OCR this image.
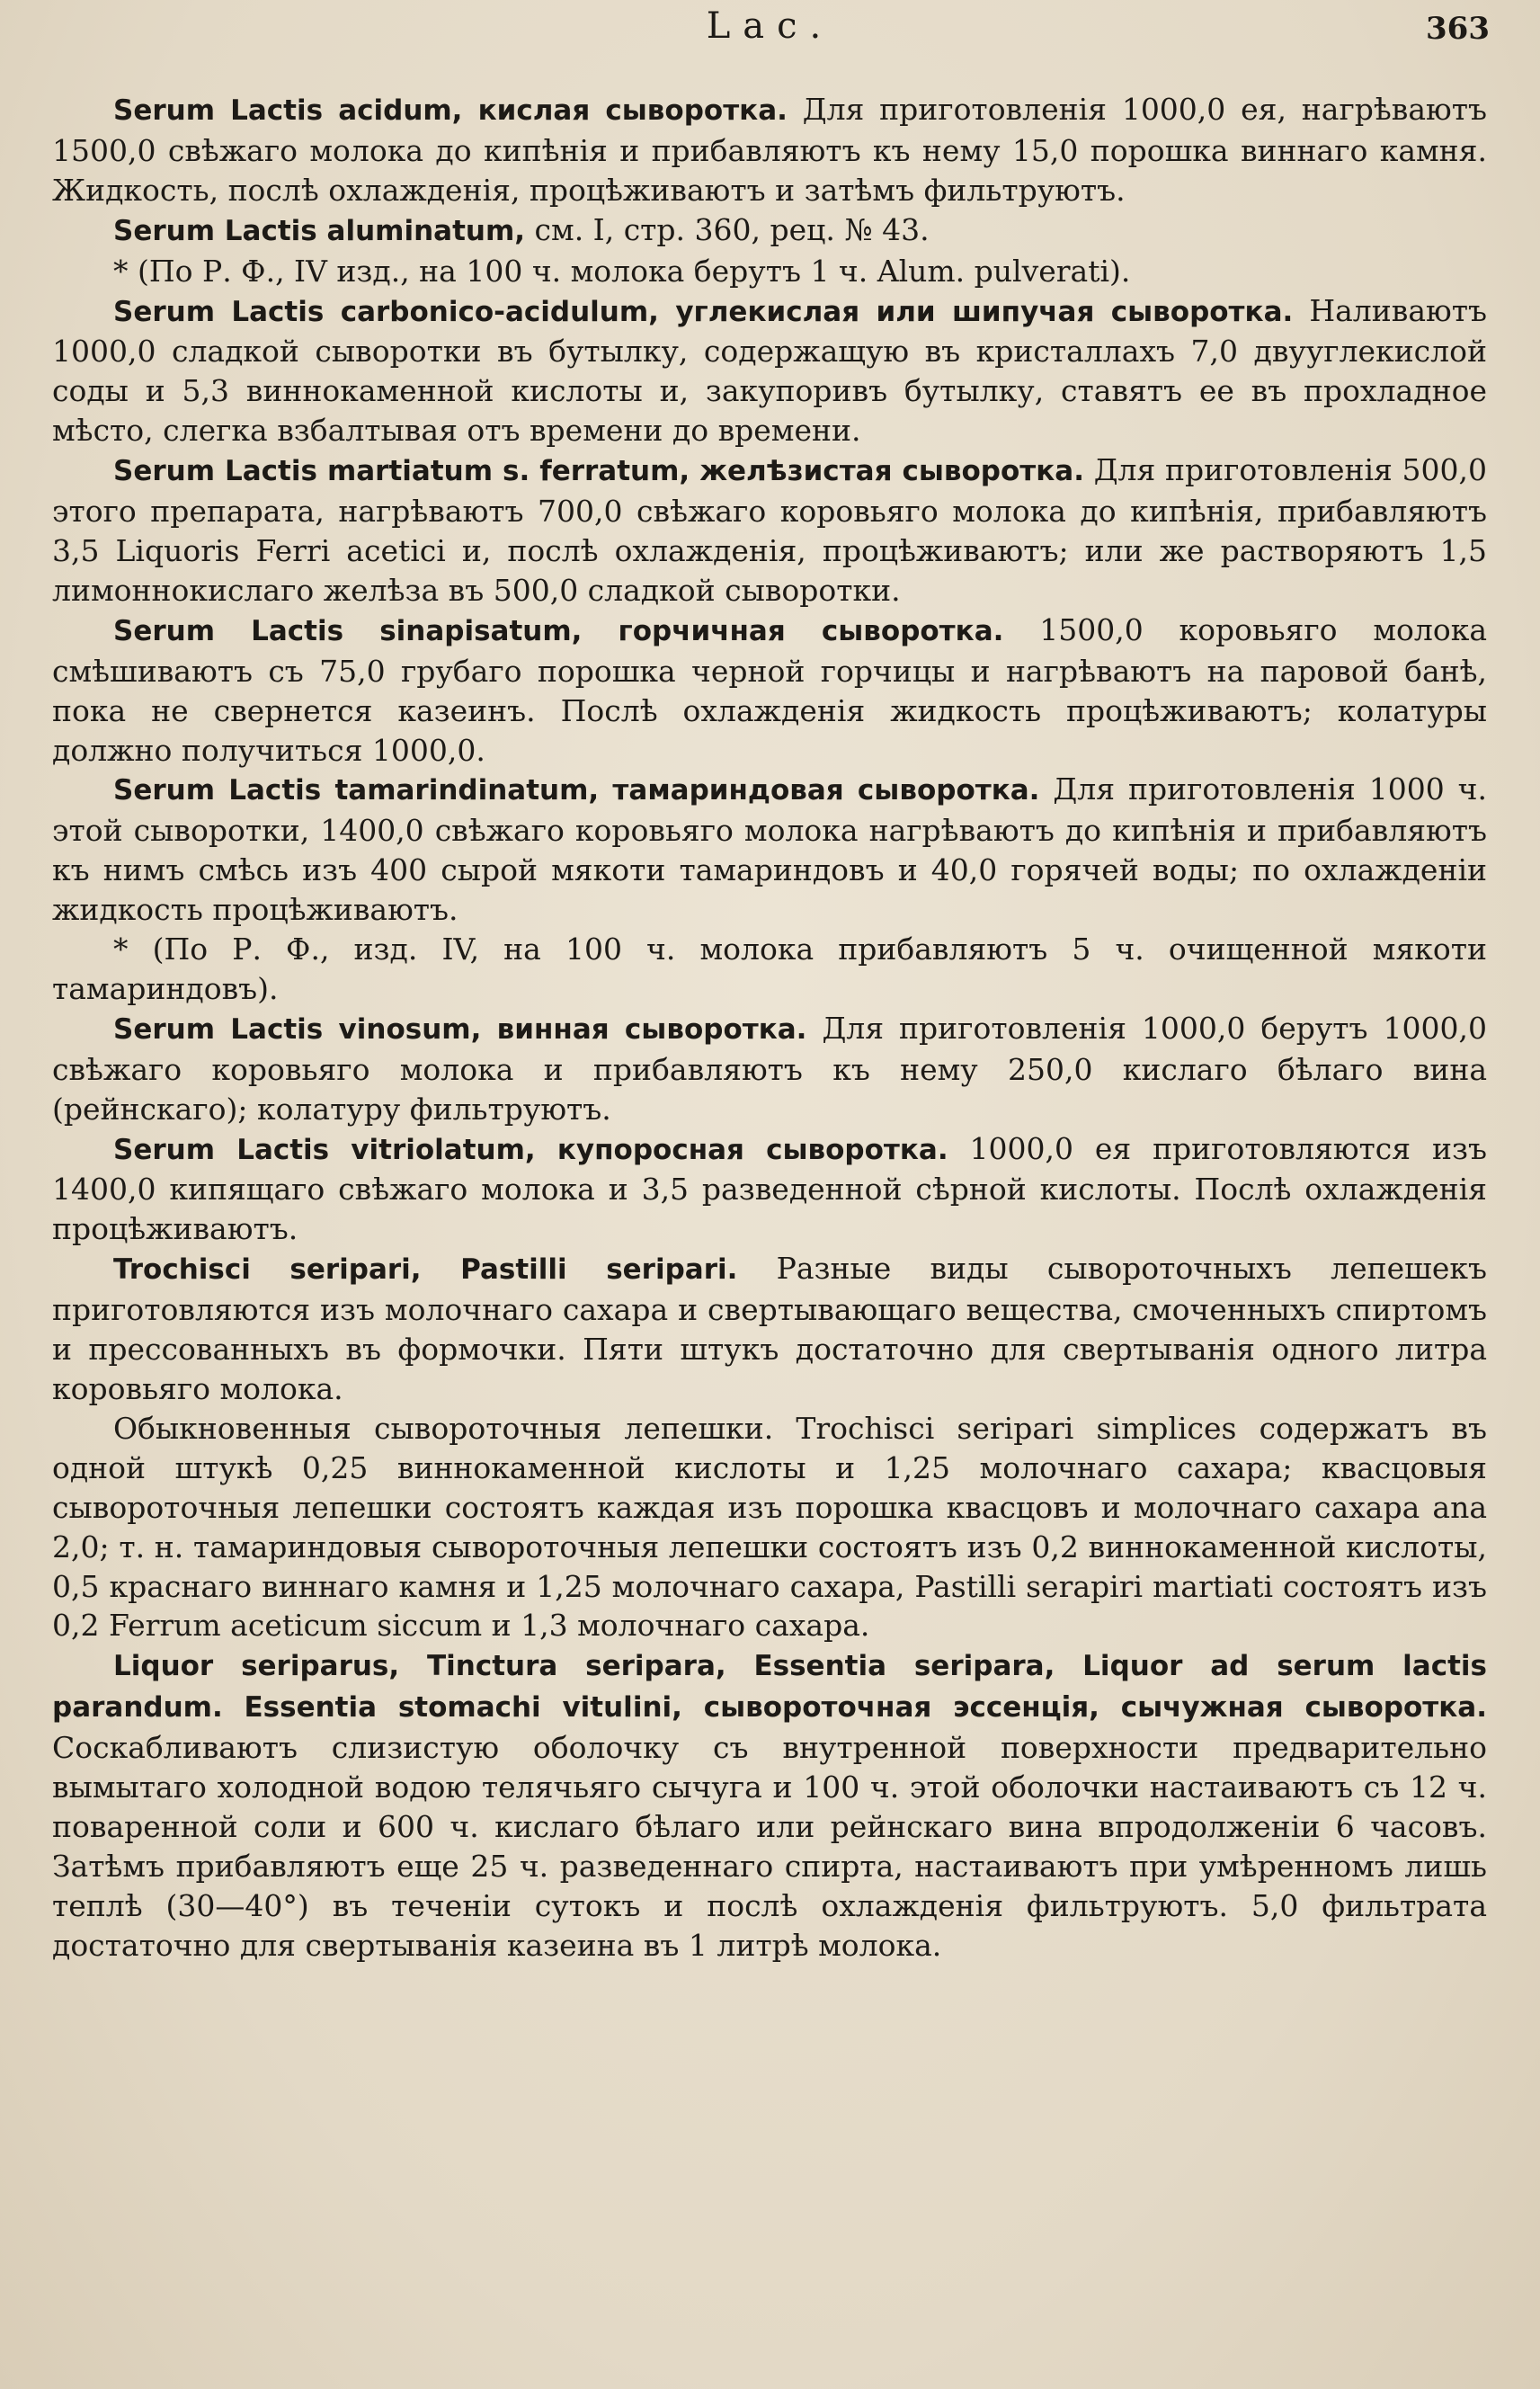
Lac.	363

Serum Lactis acidum, кислая сыворотка. Для приготовленія 1000,0 ея, нагрѣваютъ 1500,0 свѣжаго молока до кипѣнія и прибавляютъ къ нему 15,0 порошка виннаго камня. Жидкость, послѣ охлажденія, процѣживаютъ и затѣмъ фильтруютъ.

Serum Lactis aluminatum, см. I, стр. 360, рец. № 43.

* (По Р. Ф., IV изд., на 100 ч. молока берутъ 1 ч. Alum. pulverati).

Serum Lactis carbonico-acidulum, углекислая или шипучая сыворотка. Наливаютъ 1000,0 сладкой сыворотки въ бутылку, содержащую въ кристаллахъ 7,0 двууглекислой соды и 5,3 виннокаменной кислоты и, закупоривъ бутылку, ставятъ ее въ прохладное мѣсто, слегка взбалтывая отъ времени до времени.

Serum Lactis martiatum s. ferratum, желѣзистая сыворотка. Для приготовленія 500,0 этого препарата, нагрѣваютъ 700,0 свѣжаго коровьяго молока до кипѣнія, прибавляютъ 3,5 Liquoris Ferri acetici и, послѣ охлажденія, процѣживаютъ; или же растворяютъ 1,5 лимоннокислаго желѣза въ 500,0 сладкой сыворотки.

Serum Lactis sinapisatum, горчичная сыворотка. 1500,0 коровьяго молока смѣшиваютъ съ 75,0 грубаго порошка черной горчицы и нагрѣваютъ на паровой банѣ, пока не свернется казеинъ. Послѣ охлажденія жидкость процѣживаютъ; колатуры должно получиться 1000,0.

Serum Lactis tamarindinatum, тамариндовая сыворотка. Для приготовленія 1000 ч. этой сыворотки, 1400,0 свѣжаго коровьяго молока нагрѣваютъ до кипѣнія и прибавляютъ къ нимъ смѣсь изъ 400 сырой мякоти тамариндовъ и 40,0 горячей воды; по охлажденіи жидкость процѣживаютъ.

* (По Р. Ф., изд. IV, на 100 ч. молока прибавляютъ 5 ч. очищенной мякоти тамариндовъ).

Serum Lactis vinosum, винная сыворотка. Для приготовленія 1000,0 берутъ 1000,0 свѣжаго коровьяго молока и прибавляютъ къ нему 250,0 кислаго бѣлаго вина (рейнскаго); колатуру фильтруютъ.

Serum Lactis vitriolatum, купоросная сыворотка. 1000,0 ея приготовляются изъ 1400,0 кипящаго свѣжаго молока и 3,5 разведенной сѣрной кислоты. Послѣ охлажденія процѣживаютъ.

Trochisci seripari, Pastilli seripari. Разные виды сывороточныхъ лепешекъ приготовляются изъ молочнаго сахара и свертывающаго вещества, смоченныхъ спиртомъ и прессованныхъ въ формочки. Пяти штукъ достаточно для свертыванія одного литра коровьяго молока.

Обыкновенныя сывороточныя лепешки. Trochisci seripari simplices содержатъ въ одной штукѣ 0,25 виннокаменной кислоты и 1,25 молочнаго сахара; квасцовыя сывороточныя лепешки состоятъ каждая изъ порошка квасцовъ и молочнаго сахара ana 2,0; т. н. тамариндовыя сывороточныя лепешки состоятъ изъ 0,2 виннокаменной кислоты, 0,5 краснаго виннаго камня и 1,25 молочнаго сахара, Pastilli serapiri martiati состоятъ изъ 0,2 Ferrum aceticum siccum и 1,3 молочнаго сахара.

Liquor seriparus, Tinctura seripara, Essentia seripara, Liquor ad serum lactis parandum. Essentia stomachi vitulini, сывороточная эссенція, сычужная сыворотка. Соскабливаютъ слизистую оболочку съ внутренной поверхности предварительно вымытаго холодной водою телячьяго сычуга и 100 ч. этой оболочки настаиваютъ съ 12 ч. поваренной соли и 600 ч. кислаго бѣлаго или рейнскаго вина впродолженіи 6 часовъ. Затѣмъ прибавляютъ еще 25 ч. разведеннаго спирта, настаиваютъ при умѣренномъ лишь теплѣ (30—40°) въ теченіи сутокъ и послѣ охлажденія фильтруютъ. 5,0 фильтрата достаточно для свертыванія казеина въ 1 литрѣ молока.
